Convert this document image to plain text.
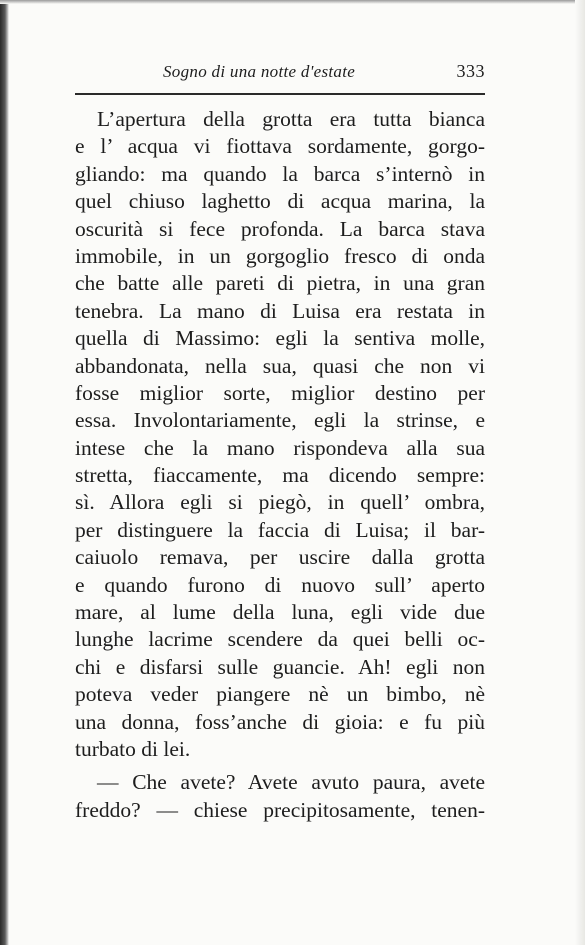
Sogno di una notte d'estate	333
L’apertura della grotta era tutta bianca
e l’ acqua vi fiottava sordamente, gorgo-
gliando: ma quando la barca s’internò in
quel chiuso laghetto di acqua marina, la
oscurità si fece profonda. La barca stava
immobile, in un gorgoglio fresco di onda
che batte alle pareti di pietra, in una gran
tenebra. La mano di Luisa era restata in
quella di Massimo: egli la sentiva molle,
abbandonata, nella sua, quasi che non vi
fosse miglior sorte, miglior destino per
essa. Involontariamente, egli la strinse, e
intese che la mano rispondeva alla sua
stretta, fiaccamente, ma dicendo sempre:
sì. Allora egli si piegò, in quell’ ombra,
per distinguere la faccia di Luisa; il bar-
caiuolo remava, per uscire dalla grotta
e quando furono di nuovo sull’ aperto
mare, al lume della luna, egli vide due
lunghe lacrime scendere da quei belli oc-
chi e disfarsi sulle guancie. Ah! egli non
poteva veder piangere nè un bimbo, nè
una donna, foss’anche di gioia: e fu più
turbato di lei.
— Che avete? Avete avuto paura, avete
freddo? — chiese precipitosamente, tenen-
